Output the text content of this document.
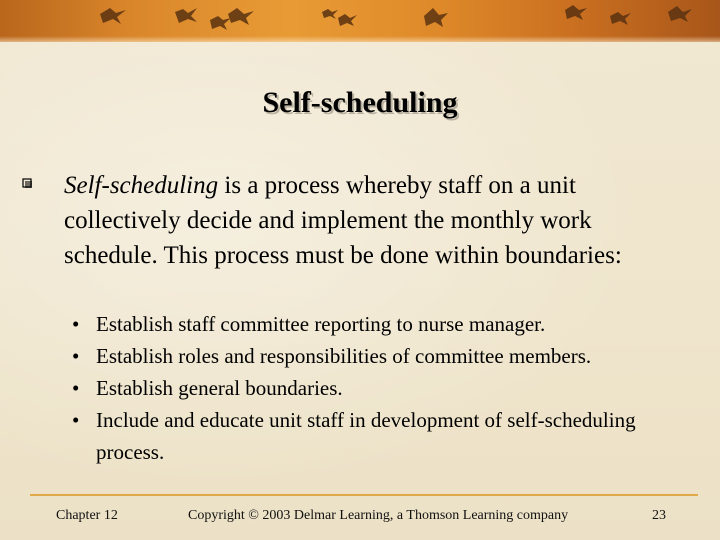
Self-scheduling
Self-scheduling is a process whereby staff on a unit collectively decide and implement the monthly work schedule. This process must be done within boundaries:
• Establish staff committee reporting to nurse manager.
• Establish roles and responsibilities of committee members.
• Establish general boundaries.
• Include and educate unit staff in development of self-scheduling process.
Chapter 12	Copyright © 2003 Delmar Learning, a Thomson Learning company	23
